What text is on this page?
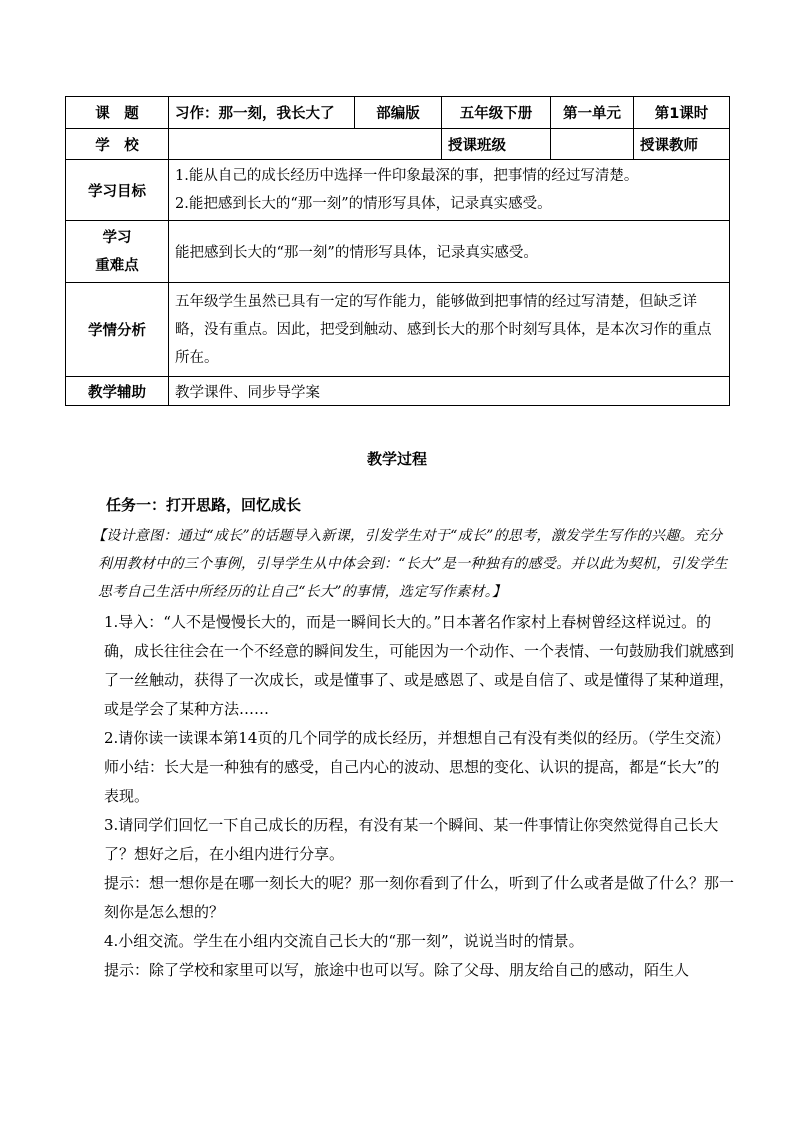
课　题	习作：那一刻，我长大了	部编版	五年级下册	第一单元	第1课时
学　校			授课班级		授课教师
学习目标	1.能从自己的成长经历中选择一件印象最深的事，把事情的经过写清楚。
2.能把感到长大的“那一刻”的情形写具体，记录真实感受。				

学习
重难点	能把感到长大的“那一刻”的情形写具体，记录真实感受。				
学情分析	五年级学生虽然已具有一定的写作能力，能够做到把事情的经过写清楚，但缺乏详略，没有重点。因此，把受到触动、感到长大的那个时刻写具体，是本次习作的重点所在。				
教学辅助	教学课件、同步导学案				
教学过程

任务一：打开思路，回忆成长

【设计意图：通过“成长”的话题导入新课，引发学生对于“成长”的思考，激发学生写作的兴趣。充分利用教材中的三个事例，引导学生从中体会到：“长大”是一种独有的感受。并以此为契机，引发学生思考自己生活中所经历的让自己“长大”的事情，选定写作素材。】

1.导入：“人不是慢慢长大的，而是一瞬间长大的。”日本著名作家村上春树曾经这样说过。的确，成长往往会在一个不经意的瞬间发生，可能因为一个动作、一个表情、一句鼓励我们就感到了一丝触动，获得了一次成长，或是懂事了、或是感恩了、或是自信了、或是懂得了某种道理，或是学会了某种方法……

2.请你读一读课本第14页的几个同学的成长经历，并想想自己有没有类似的经历。（学生交流）

师小结：长大是一种独有的感受，自己内心的波动、思想的变化、认识的提高，都是“长大”的表现。

3.请同学们回忆一下自己成长的历程，有没有某一个瞬间、某一件事情让你突然觉得自己长大了？想好之后，在小组内进行分享。

提示：想一想你是在哪一刻长大的呢？那一刻你看到了什么，听到了什么或者是做了什么？那一刻你是怎么想的？

4.小组交流。学生在小组内交流自己长大的“那一刻”，说说当时的情景。

提示：除了学校和家里可以写，旅途中也可以写。除了父母、朋友给自己的感动，陌生人
